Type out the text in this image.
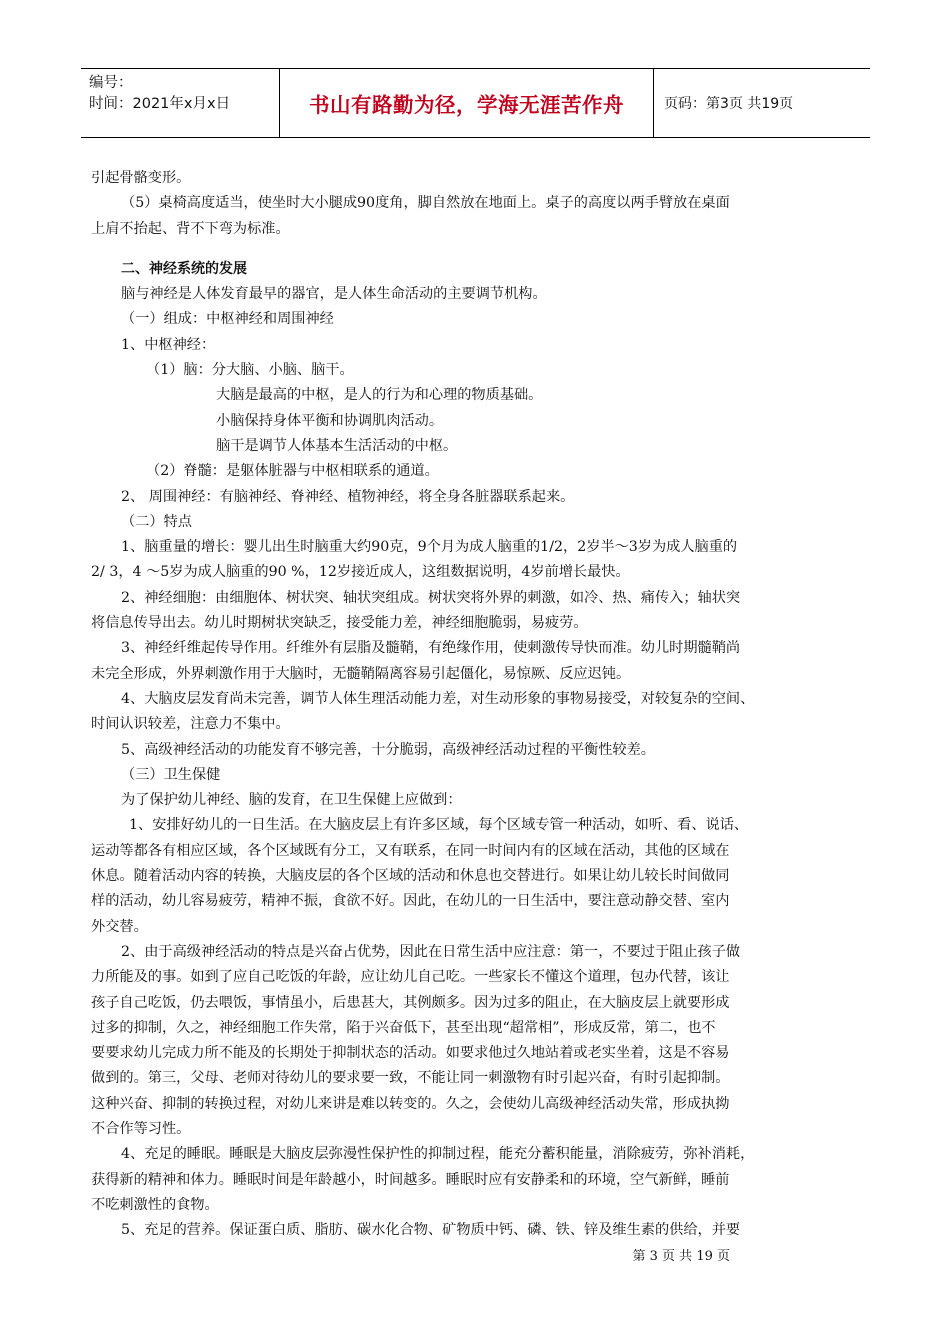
编号：
时间：2021年x月x日	书山有路勤为径，学海无涯苦作舟	页码：第3页 共19页
引起骨骼变形。
（5）桌椅高度适当，使坐时大小腿成90度角，脚自然放在地面上。桌子的高度以两手臂放在桌面
上肩不抬起、背不下弯为标准。
二、神经系统的发展
脑与神经是人体发育最早的器官，是人体生命活动的主要调节机构。
（一）组成：中枢神经和周围神经
1、中枢神经：
（1）脑：分大脑、小脑、脑干。
大脑是最高的中枢，是人的行为和心理的物质基础。
小脑保持身体平衡和协调肌肉活动。
脑干是调节人体基本生活活动的中枢。
（2）脊髓：是躯体脏器与中枢相联系的通道。
2、 周围神经：有脑神经、脊神经、植物神经，将全身各脏器联系起来。
（二）特点
1、脑重量的增长：婴儿出生时脑重大约90克，9个月为成人脑重的1/2，2岁半～3岁为成人脑重的
2/ 3，4 ～5岁为成人脑重的90 %，12岁接近成人，这组数据说明，4岁前增长最快。
2、神经细胞：由细胞体、树状突、轴状突组成。树状突将外界的刺激，如冷、热、痛传入；轴状突
将信息传导出去。幼儿时期树状突缺乏，接受能力差，神经细胞脆弱，易疲劳。
3、神经纤维起传导作用。纤维外有层脂及髓鞘，有绝缘作用，使刺激传导快而准。幼儿时期髓鞘尚
未完全形成，外界刺激作用于大脑时，无髓鞘隔离容易引起僵化，易惊厥、反应迟钝。
4、大脑皮层发育尚未完善，调节人体生理活动能力差，对生动形象的事物易接受，对较复杂的空间、
时间认识较差，注意力不集中。
5、高级神经活动的功能发育不够完善，十分脆弱，高级神经活动过程的平衡性较差。
（三）卫生保健
为了保护幼儿神经、脑的发育，在卫生保健上应做到：
1、安排好幼儿的一日生活。在大脑皮层上有许多区域，每个区域专管一种活动，如听、看、说话、
运动等都各有相应区域，各个区域既有分工，又有联系，在同一时间内有的区域在活动，其他的区域在
休息。随着活动内容的转换，大脑皮层的各个区域的活动和休息也交替进行。如果让幼儿较长时间做同
样的活动，幼儿容易疲劳，精神不振，食欲不好。因此，在幼儿的一日生活中，要注意动静交替、室内
外交替。
2、由于高级神经活动的特点是兴奋占优势，因此在日常生活中应注意：第一，不要过于阻止孩子做
力所能及的事。如到了应自己吃饭的年龄，应让幼儿自己吃。一些家长不懂这个道理，包办代替，该让
孩子自己吃饭，仍去喂饭，事情虽小，后患甚大，其例颇多。因为过多的阻止，在大脑皮层上就要形成
过多的抑制，久之，神经细胞工作失常，陷于兴奋低下，甚至出现“超常相”，形成反常，第二，也不
要要求幼儿完成力所不能及的长期处于抑制状态的活动。如要求他过久地站着或老实坐着，这是不容易
做到的。第三，父母、老师对待幼儿的要求要一致，不能让同一刺激物有时引起兴奋，有时引起抑制。
这种兴奋、抑制的转换过程，对幼儿来讲是难以转变的。久之，会使幼儿高级神经活动失常，形成执拗
不合作等习性。
4、充足的睡眠。睡眠是大脑皮层弥漫性保护性的抑制过程，能充分蓄积能量，消除疲劳，弥补消耗，
获得新的精神和体力。睡眠时间是年龄越小，时间越多。睡眠时应有安静柔和的环境，空气新鲜，睡前
不吃刺激性的食物。
5、充足的营养。保证蛋白质、脂肪、碳水化合物、矿物质中钙、磷、铁、锌及维生素的供给，并要
第 3 页 共 19 页
